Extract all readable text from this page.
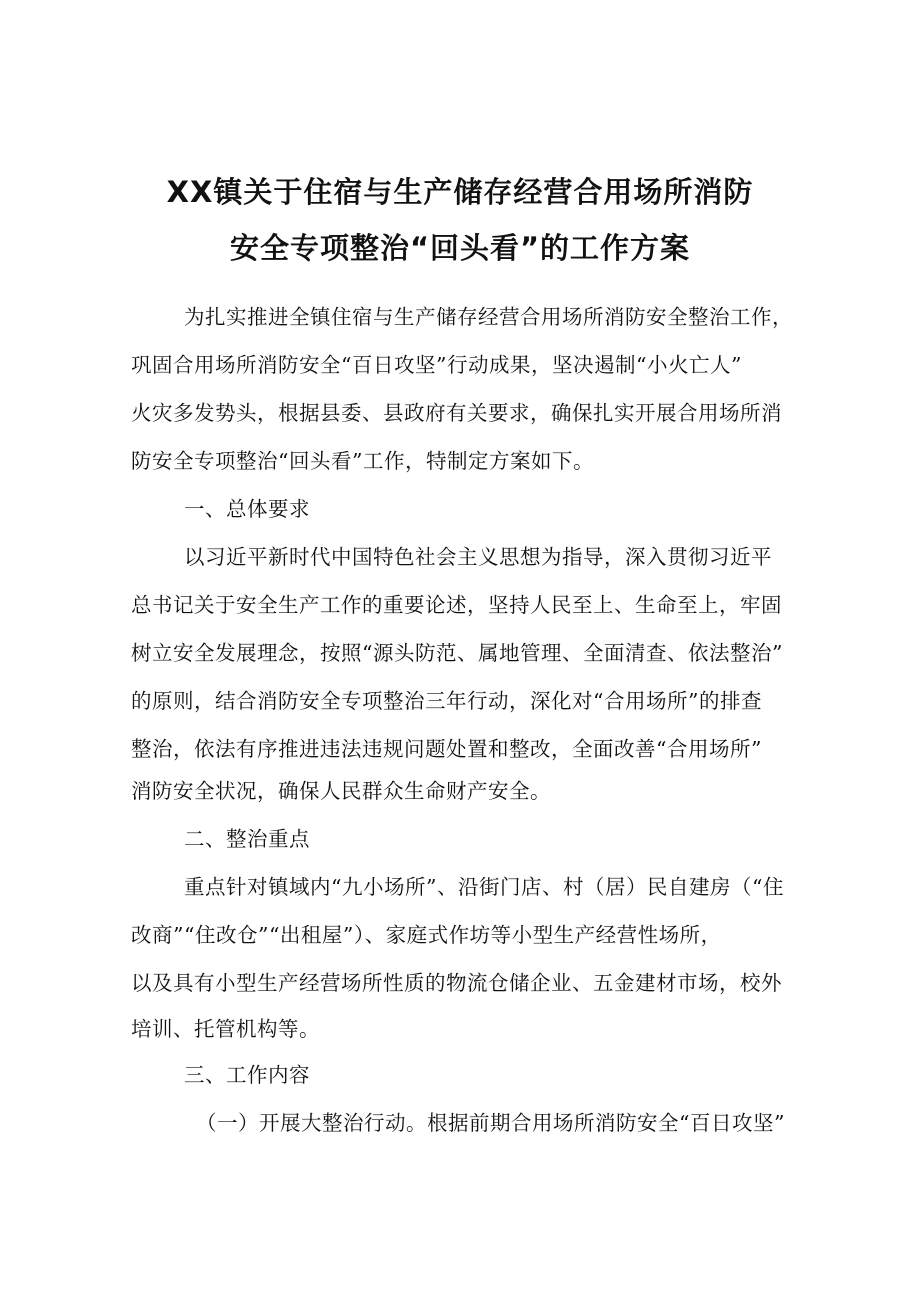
XX镇关于住宿与生产储存经营合用场所消防
安全专项整治“回头看”的工作方案
为扎实推进全镇住宿与生产储存经营合用场所消防安全整治工作，
巩固合用场所消防安全“百日攻坚”行动成果，坚决遏制“小火亡人”
火灾多发势头，根据县委、县政府有关要求，确保扎实开展合用场所消
防安全专项整治“回头看”工作，特制定方案如下。
一、总体要求
以习近平新时代中国特色社会主义思想为指导，深入贯彻习近平
总书记关于安全生产工作的重要论述，坚持人民至上、生命至上，牢固
树立安全发展理念，按照“源头防范、属地管理、全面清查、依法整治”
的原则，结合消防安全专项整治三年行动，深化对“合用场所”的排查
整治，依法有序推进违法违规问题处置和整改，全面改善“合用场所”
消防安全状况，确保人民群众生命财产安全。
二、整治重点
重点针对镇域内“九小场所”、沿街门店、村（居）民自建房（“住
改商”“住改仓”“出租屋”）、家庭式作坊等小型生产经营性场所，
以及具有小型生产经营场所性质的物流仓储企业、五金建材市场，校外
培训、托管机构等。
三、工作内容
（一）开展大整治行动。根据前期合用场所消防安全“百日攻坚”
